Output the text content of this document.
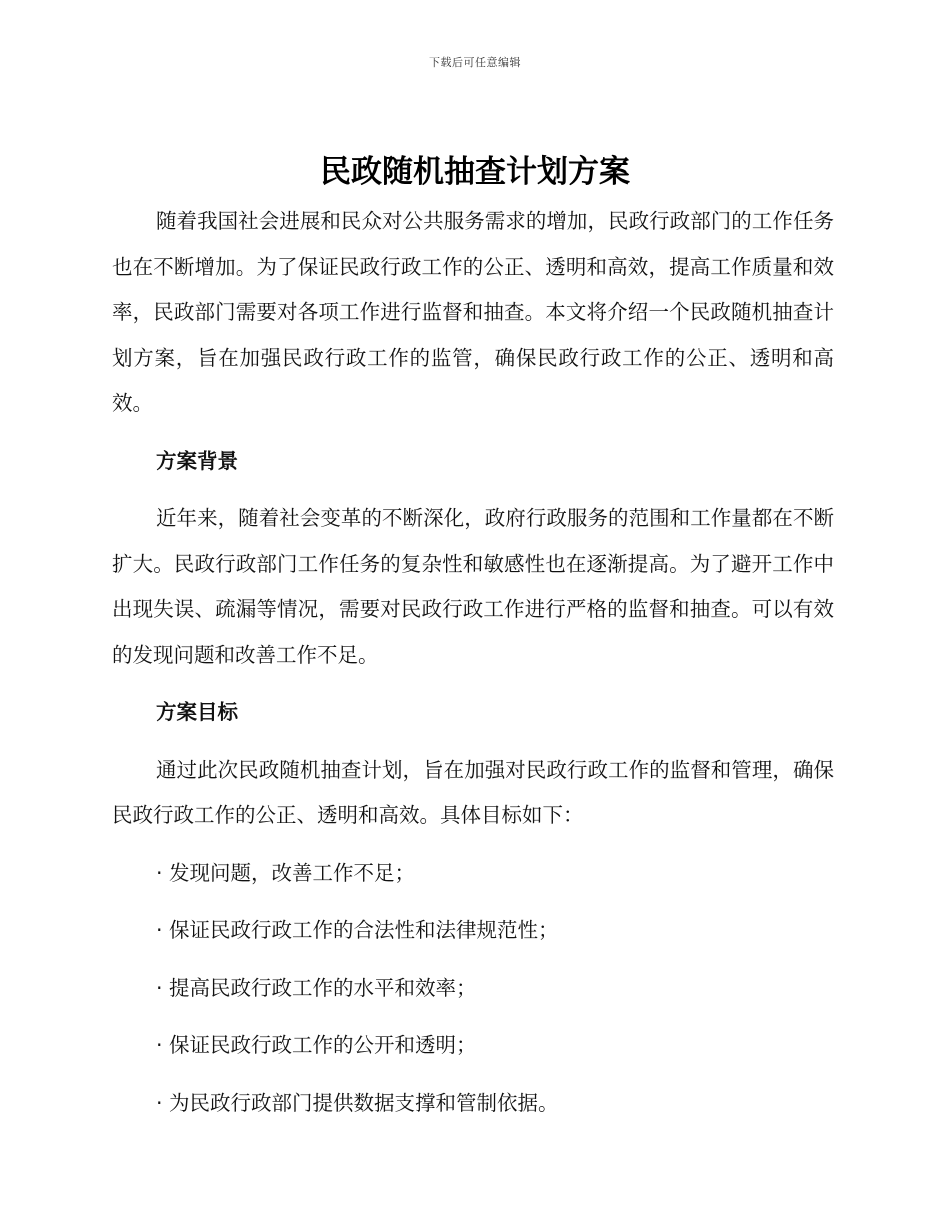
下载后可任意编辑
民政随机抽查计划方案

随着我国社会进展和民众对公共服务需求的增加，民政行政部门的工作任务也在不断增加。为了保证民政行政工作的公正、透明和高效，提高工作质量和效率，民政部门需要对各项工作进行监督和抽查。本文将介绍一个民政随机抽查计划方案，旨在加强民政行政工作的监管，确保民政行政工作的公正、透明和高效。

方案背景

近年来，随着社会变革的不断深化，政府行政服务的范围和工作量都在不断扩大。民政行政部门工作任务的复杂性和敏感性也在逐渐提高。为了避开工作中出现失误、疏漏等情况，需要对民政行政工作进行严格的监督和抽查。可以有效的发现问题和改善工作不足。

方案目标

通过此次民政随机抽查计划，旨在加强对民政行政工作的监督和管理，确保民政行政工作的公正、透明和高效。具体目标如下：

· 发现问题，改善工作不足；

· 保证民政行政工作的合法性和法律规范性；

· 提高民政行政工作的水平和效率；

· 保证民政行政工作的公开和透明；

· 为民政行政部门提供数据支撑和管制依据。
